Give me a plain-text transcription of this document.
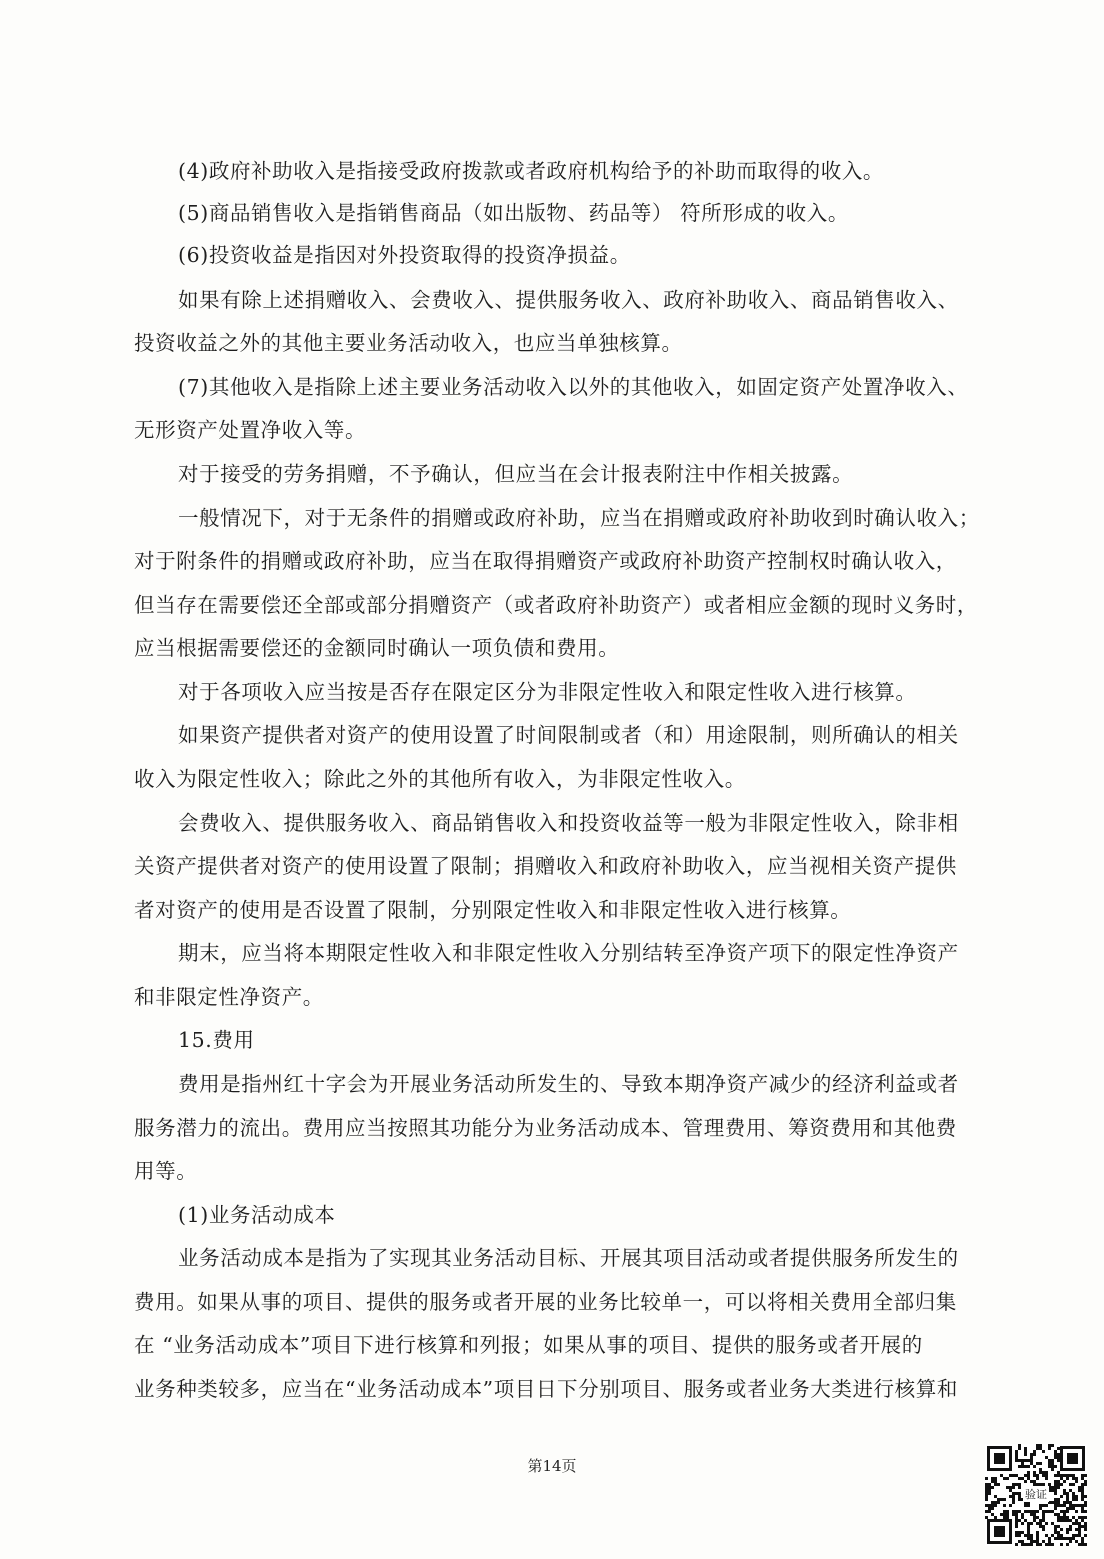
(4)政府补助收入是指接受政府拨款或者政府机构给予的补助而取得的收入。
(5)商品销售收入是指销售商品（如出版物、药品等） 符所形成的收入。
(6)投资收益是指因对外投资取得的投资净损益。
如果有除上述捐赠收入、会费收入、提供服务收入、政府补助收入、商品销售收入、
投资收益之外的其他主要业务活动收入，也应当单独核算。
(7)其他收入是指除上述主要业务活动收入以外的其他收入，如固定资产处置净收入、
无形资产处置净收入等。
对于接受的劳务捐赠，不予确认，但应当在会计报表附注中作相关披露。
一般情况下，对于无条件的捐赠或政府补助，应当在捐赠或政府补助收到时确认收入；
对于附条件的捐赠或政府补助，应当在取得捐赠资产或政府补助资产控制权时确认收入，
但当存在需要偿还全部或部分捐赠资产（或者政府补助资产）或者相应金额的现时义务时，
应当根据需要偿还的金额同时确认一项负债和费用。
对于各项收入应当按是否存在限定区分为非限定性收入和限定性收入进行核算。
如果资产提供者对资产的使用设置了时间限制或者（和）用途限制，则所确认的相关
收入为限定性收入；除此之外的其他所有收入，为非限定性收入。
会费收入、提供服务收入、商品销售收入和投资收益等一般为非限定性收入，除非相
关资产提供者对资产的使用设置了限制；捐赠收入和政府补助收入，应当视相关资产提供
者对资产的使用是否设置了限制，分别限定性收入和非限定性收入进行核算。
期末，应当将本期限定性收入和非限定性收入分别结转至净资产项下的限定性净资产
和非限定性净资产。
15.费用
费用是指州红十字会为开展业务活动所发生的、导致本期净资产减少的经济利益或者
服务潜力的流出。费用应当按照其功能分为业务活动成本、管理费用、筹资费用和其他费
用等。
(1)业务活动成本
业务活动成本是指为了实现其业务活动目标、开展其项目活动或者提供服务所发生的
费用。如果从事的项目、提供的服务或者开展的业务比较单一，可以将相关费用全部归集
在 “业务活动成本”项目下进行核算和列报；如果从事的项目、提供的服务或者开展的
业务种类较多，应当在“业务活动成本”项目日下分别项目、服务或者业务大类进行核算和
第14页
验证
